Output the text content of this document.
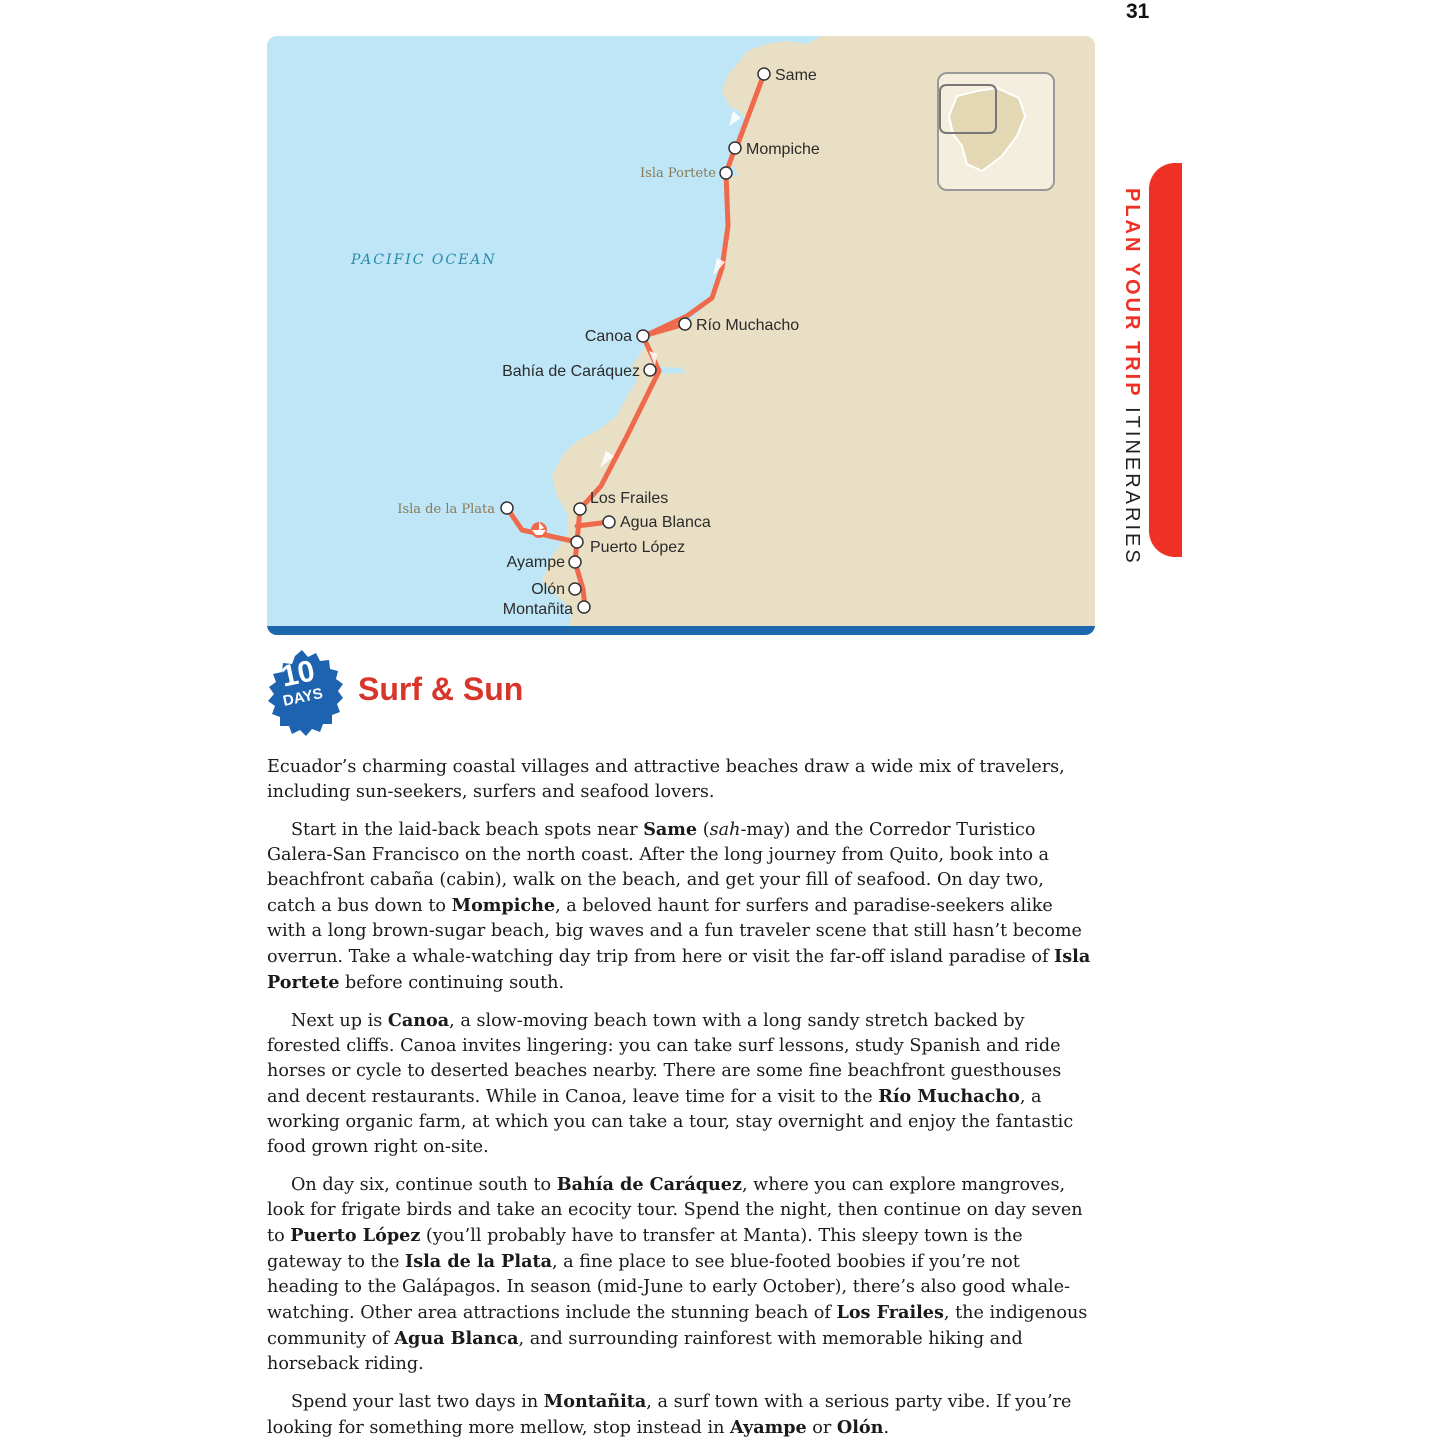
31
PLAN YOUR TRIP ITINERARIES
PACIFIC OCEAN
Same
Mompiche
Isla Portete
Canoa
Río Muchacho
Bahía de Caráquez
Isla de la Plata
Los Frailes
Agua Blanca
Puerto López
Ayampe
Olón
Montañita
10
DAYS	Surf & Sun

Ecuador’s charming coastal villages and attractive beaches draw a wide mix of travelers, including sun-seekers, surfers and seafood lovers.

Start in the laid-back beach spots near Same (sah-may) and the Corredor Turistico Galera-San Francisco on the north coast. After the long journey from Quito, book into a beachfront cabaña (cabin), walk on the beach, and get your fill of seafood. On day two, catch a bus down to Mompiche, a beloved haunt for surfers and paradise-seekers alike with a long brown-sugar beach, big waves and a fun traveler scene that still hasn’t become overrun. Take a whale-watching day trip from here or visit the far-off island paradise of Isla Portete before continuing south.

Next up is Canoa, a slow-moving beach town with a long sandy stretch backed by forested cliffs. Canoa invites lingering: you can take surf lessons, study Spanish and ride horses or cycle to deserted beaches nearby. There are some fine beachfront guesthouses and decent restaurants. While in Canoa, leave time for a visit to the Río Muchacho, a working organic farm, at which you can take a tour, stay overnight and enjoy the fantastic food grown right on-site.

On day six, continue south to Bahía de Caráquez, where you can explore mangroves, look for frigate birds and take an ecocity tour. Spend the night, then continue on day seven to Puerto López (you’ll probably have to transfer at Manta). This sleepy town is the gateway to the Isla de la Plata, a fine place to see blue-footed boobies if you’re not heading to the Galápagos. In season (mid-June to early October), there’s also good whale-watching. Other area attractions include the stunning beach of Los Frailes, the indigenous community of Agua Blanca, and surrounding rainforest with memorable hiking and horseback riding.

Spend your last two days in Montañita, a surf town with a serious party vibe. If you’re looking for something more mellow, stop instead in Ayampe or Olón.
